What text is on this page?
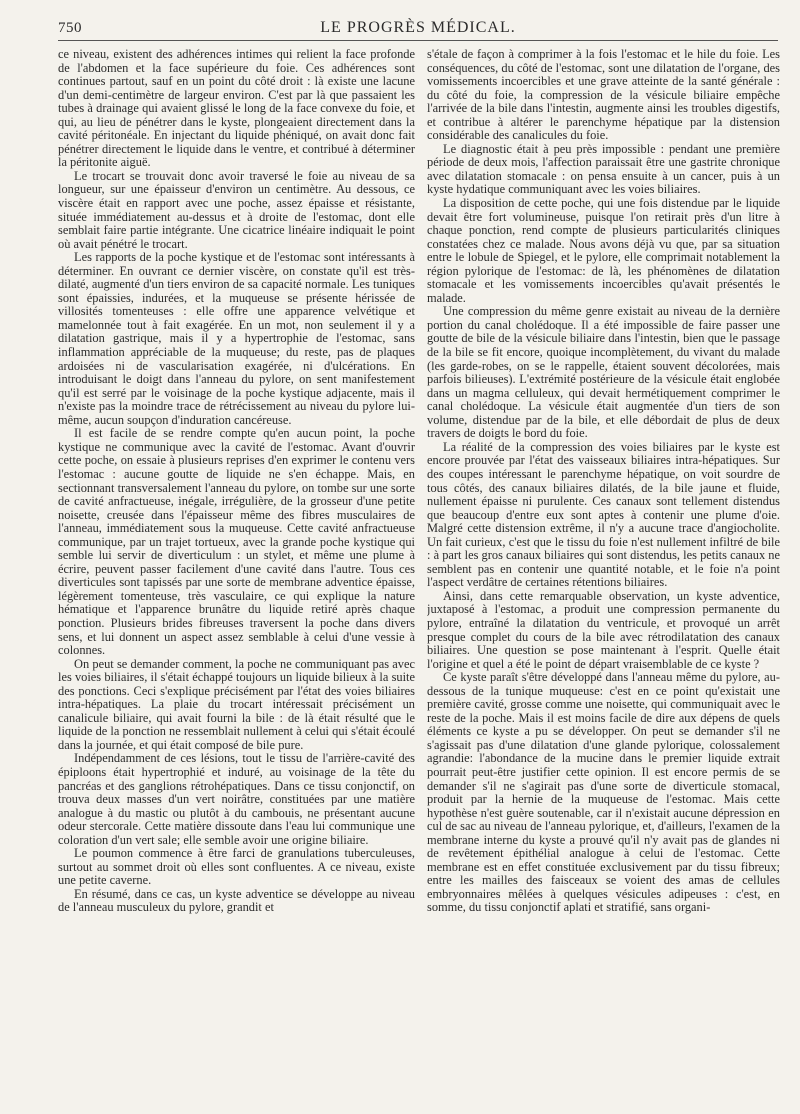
750	LE PROGRÈS MÉDICAL.

ce niveau, existent des adhérences intimes qui relient la face profonde de l'abdomen et la face supérieure du foie. Ces adhérences sont continues partout, sauf en un point du côté droit : là existe une lacune d'un demi-centimètre de largeur environ. C'est par là que passaient les tubes à drainage qui avaient glissé le long de la face convexe du foie, et qui, au lieu de pénétrer dans le kyste, plongeaient directement dans la cavité péritonéale. En injectant du liquide phéniqué, on avait donc fait pénétrer directement le liquide dans le ventre, et contribué à déterminer la péritonite aiguë.

Le trocart se trouvait donc avoir traversé le foie au niveau de sa longueur, sur une épaisseur d'environ un centimètre. Au dessous, ce viscère était en rapport avec une poche, assez épaisse et résistante, située immédiatement au-dessus et à droite de l'estomac, dont elle semblait faire partie intégrante. Une cicatrice linéaire indiquait le point où avait pénétré le trocart.

Les rapports de la poche kystique et de l'estomac sont intéressants à déterminer. En ouvrant ce dernier viscère, on constate qu'il est très-dilaté, augmenté d'un tiers environ de sa capacité normale. Les tuniques sont épaissies, indurées, et la muqueuse se présente hérissée de villosités tomenteuses : elle offre une apparence velvétique et mamelonnée tout à fait exagérée. En un mot, non seulement il y a dilatation gastrique, mais il y a hypertrophie de l'estomac, sans inflammation appréciable de la muqueuse; du reste, pas de plaques ardoisées ni de vascularisation exagérée, ni d'ulcérations. En introduisant le doigt dans l'anneau du pylore, on sent manifestement qu'il est serré par le voisinage de la poche kystique adjacente, mais il n'existe pas la moindre trace de rétrécissement au niveau du pylore lui-même, aucun soupçon d'induration cancéreuse.

Il est facile de se rendre compte qu'en aucun point, la poche kystique ne communique avec la cavité de l'estomac. Avant d'ouvrir cette poche, on essaie à plusieurs reprises d'en exprimer le contenu vers l'estomac : aucune goutte de liquide ne s'en échappe. Mais, en sectionnant transversalement l'anneau du pylore, on tombe sur une sorte de cavité anfractueuse, inégale, irrégulière, de la grosseur d'une petite noisette, creusée dans l'épaisseur même des fibres musculaires de l'anneau, immédiatement sous la muqueuse. Cette cavité anfractueuse communique, par un trajet tortueux, avec la grande poche kystique qui semble lui servir de diverticulum : un stylet, et même une plume à écrire, peuvent passer facilement d'une cavité dans l'autre. Tous ces diverticules sont tapissés par une sorte de membrane adventice épaisse, légèrement tomenteuse, très vasculaire, ce qui explique la nature hématique et l'apparence brunâtre du liquide retiré après chaque ponction. Plusieurs brides fibreuses traversent la poche dans divers sens, et lui donnent un aspect assez semblable à celui d'une vessie à colonnes.

On peut se demander comment, la poche ne communiquant pas avec les voies biliaires, il s'était échappé toujours un liquide bilieux à la suite des ponctions. Ceci s'explique précisément par l'état des voies biliaires intra-hépatiques. La plaie du trocart intéressait précisément un canalicule biliaire, qui avait fourni la bile : de là était résulté que le liquide de la ponction ne ressemblait nullement à celui qui s'était écoulé dans la journée, et qui était composé de bile pure.

Indépendamment de ces lésions, tout le tissu de l'arrière-cavité des épiploons était hypertrophié et induré, au voisinage de la tête du pancréas et des ganglions rétrohépatiques. Dans ce tissu conjonctif, on trouva deux masses d'un vert noirâtre, constituées par une matière analogue à du mastic ou plutôt à du cambouis, ne présentant aucune odeur stercorale. Cette matière dissoute dans l'eau lui communique une coloration d'un vert sale; elle semble avoir une origine biliaire.

Le poumon commence à être farci de granulations tuberculeuses, surtout au sommet droit où elles sont confluentes. A ce niveau, existe une petite caverne.

En résumé, dans ce cas, un kyste adventice se développe au niveau de l'anneau musculeux du pylore, grandit et

s'étale de façon à comprimer à la fois l'estomac et le hile du foie. Les conséquences, du côté de l'estomac, sont une dilatation de l'organe, des vomissements incoercibles et une grave atteinte de la santé générale : du côté du foie, la compression de la vésicule biliaire empêche l'arrivée de la bile dans l'intestin, augmente ainsi les troubles digestifs, et contribue à altérer le parenchyme hépatique par la distension considérable des canalicules du foie.

Le diagnostic était à peu près impossible : pendant une première période de deux mois, l'affection paraissait être une gastrite chronique avec dilatation stomacale : on pensa ensuite à un cancer, puis à un kyste hydatique communiquant avec les voies biliaires.

La disposition de cette poche, qui une fois distendue par le liquide devait être fort volumineuse, puisque l'on retirait près d'un litre à chaque ponction, rend compte de plusieurs particularités cliniques constatées chez ce malade. Nous avons déjà vu que, par sa situation entre le lobule de Spiegel, et le pylore, elle comprimait notablement la région pylorique de l'estomac: de là, les phénomènes de dilatation stomacale et les vomissements incoercibles qu'avait présentés le malade.

Une compression du même genre existait au niveau de la dernière portion du canal cholédoque. Il a été impossible de faire passer une goutte de bile de la vésicule biliaire dans l'intestin, bien que le passage de la bile se fit encore, quoique incomplètement, du vivant du malade (les garde-robes, on se le rappelle, étaient souvent décolorées, mais parfois bilieuses). L'extrémité postérieure de la vésicule était englobée dans un magma celluleux, qui devait hermétiquement comprimer le canal cholédoque. La vésicule était augmentée d'un tiers de son volume, distendue par de la bile, et elle débordait de plus de deux travers de doigts le bord du foie.

La réalité de la compression des voies biliaires par le kyste est encore prouvée par l'état des vaisseaux biliaires intra-hépatiques. Sur des coupes intéressant le parenchyme hépatique, on voit sourdre de tous côtés, des canaux biliaires dilatés, de la bile jaune et fluide, nullement épaisse ni purulente. Ces canaux sont tellement distendus que beaucoup d'entre eux sont aptes à contenir une plume d'oie. Malgré cette distension extrême, il n'y a aucune trace d'angiocholite. Un fait curieux, c'est que le tissu du foie n'est nullement infiltré de bile : à part les gros canaux biliaires qui sont distendus, les petits canaux ne semblent pas en contenir une quantité notable, et le foie n'a point l'aspect verdâtre de certaines rétentions biliaires.

Ainsi, dans cette remarquable observation, un kyste adventice, juxtaposé à l'estomac, a produit une compression permanente du pylore, entraîné la dilatation du ventricule, et provoqué un arrêt presque complet du cours de la bile avec rétrodilatation des canaux biliaires. Une question se pose maintenant à l'esprit. Quelle était l'origine et quel a été le point de départ vraisemblable de ce kyste ?

Ce kyste paraît s'être développé dans l'anneau même du pylore, au-dessous de la tunique muqueuse: c'est en ce point qu'existait une première cavité, grosse comme une noisette, qui communiquait avec le reste de la poche. Mais il est moins facile de dire aux dépens de quels éléments ce kyste a pu se développer. On peut se demander s'il ne s'agissait pas d'une dilatation d'une glande pylorique, colossalement agrandie: l'abondance de la mucine dans le premier liquide extrait pourrait peut-être justifier cette opinion. Il est encore permis de se demander s'il ne s'agirait pas d'une sorte de diverticule stomacal, produit par la hernie de la muqueuse de l'estomac. Mais cette hypothèse n'est guère soutenable, car il n'existait aucune dépression en cul de sac au niveau de l'anneau pylorique, et, d'ailleurs, l'examen de la membrane interne du kyste a prouvé qu'il n'y avait pas de glandes ni de revêtement épithélial analogue à celui de l'estomac. Cette membrane est en effet constituée exclusivement par du tissu fibreux; entre les mailles des faisceaux se voient des amas de cellules embryonnaires mêlées à quelques vésicules adipeuses : c'est, en somme, du tissu conjonctif aplati et stratifié, sans organi-
